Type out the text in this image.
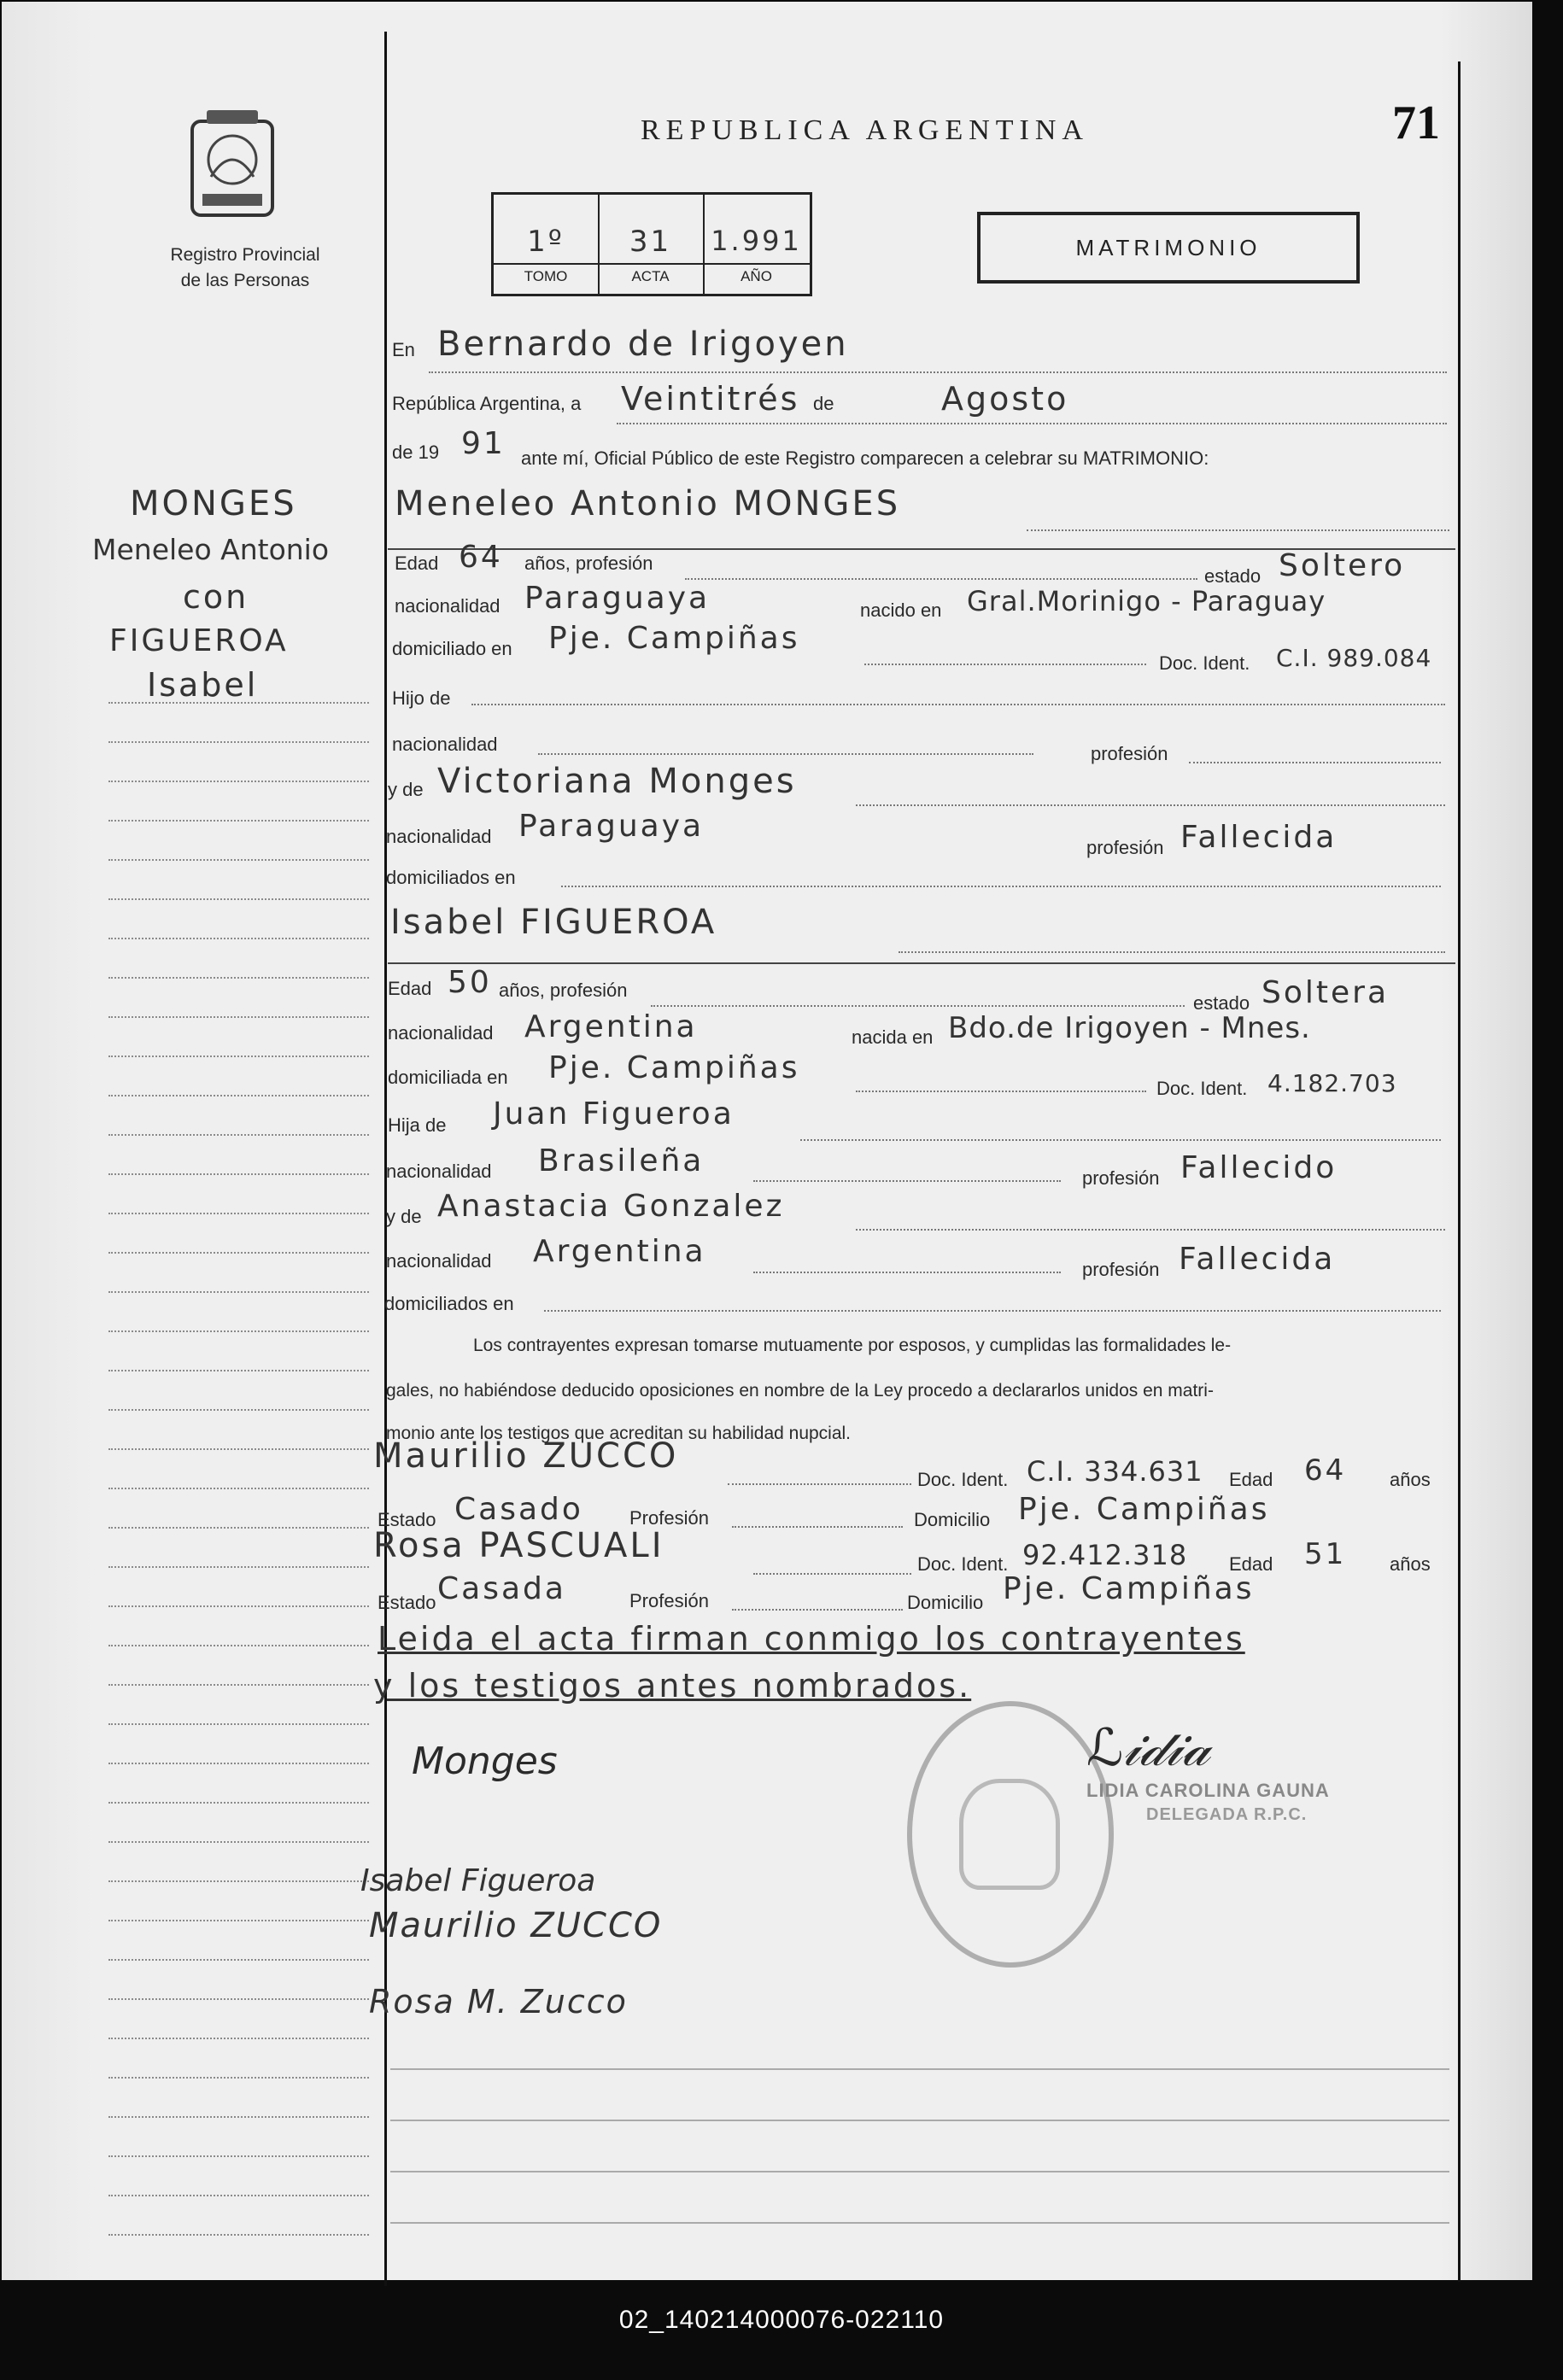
Registro Provincial
de las Personas
REPUBLICA ARGENTINA	71
1º	31	1.991
TOMO	ACTA	AÑO
MATRIMONIO
MONGES
Meneleo Antonio
con
FIGUEROA
Isabel
En Bernardo de Irigoyen
República Argentina, a Veintitrés de	Agosto
de 19 91 ante mí, Oficial Público de este Registro comparecen a celebrar su MATRIMONIO:
Meneleo Antonio MONGES
Edad 64 años, profesión
estado Soltero
nacionalidad Paraguaya	nacido en Gral.Morinigo - Paraguay
domiciliado en Pje. Campiñas
Doc. Ident. C.I. 989.084
Hijo de
nacionalidad	profesión
y de Victoriana Monges
nacionalidad Paraguaya
profesión Fallecida
domiciliados en
Isabel FIGUEROA
Edad 50 años, profesión
estado Soltera
nacionalidad Argentina	nacida en Bdo.de Irigoyen - Mnes.
domiciliada en Pje. Campiñas
Doc. Ident. 4.182.703
Hija de Juan Figueroa
nacionalidad Brasileña	profesión Fallecido
y de Anastacia Gonzalez
nacionalidad Argentina
profesión Fallecida
domiciliados en
Los contrayentes expresan tomarse mutuamente por esposos, y cumplidas las formalidades le-
gales, no habiéndose deducido oposiciones en nombre de la Ley procedo a declararlos unidos en matri-
monio ante los testigos que acreditan su habilidad nupcial.
Maurilio ZUCCO
Doc. Ident. C.I. 334.631 Edad 64 años
Estado Casado Profesión	Domicilio Pje. Campiñas
Rosa PASCUALI	Doc. Ident. 92.412.318 Edad 51 años
Estado Casada	Profesión	Domicilio Pje. Campiñas
Leida el acta firman conmigo los contrayentes
y los testigos antes nombrados.
Monges	ℒ𝒾𝒹𝒾𝒶
LIDIA CAROLINA GAUNA
DELEGADA R.P.C.
Isabel Figueroa
Maurilio ZUCCO
Rosa M. Zucco
02_140214000076-022110
